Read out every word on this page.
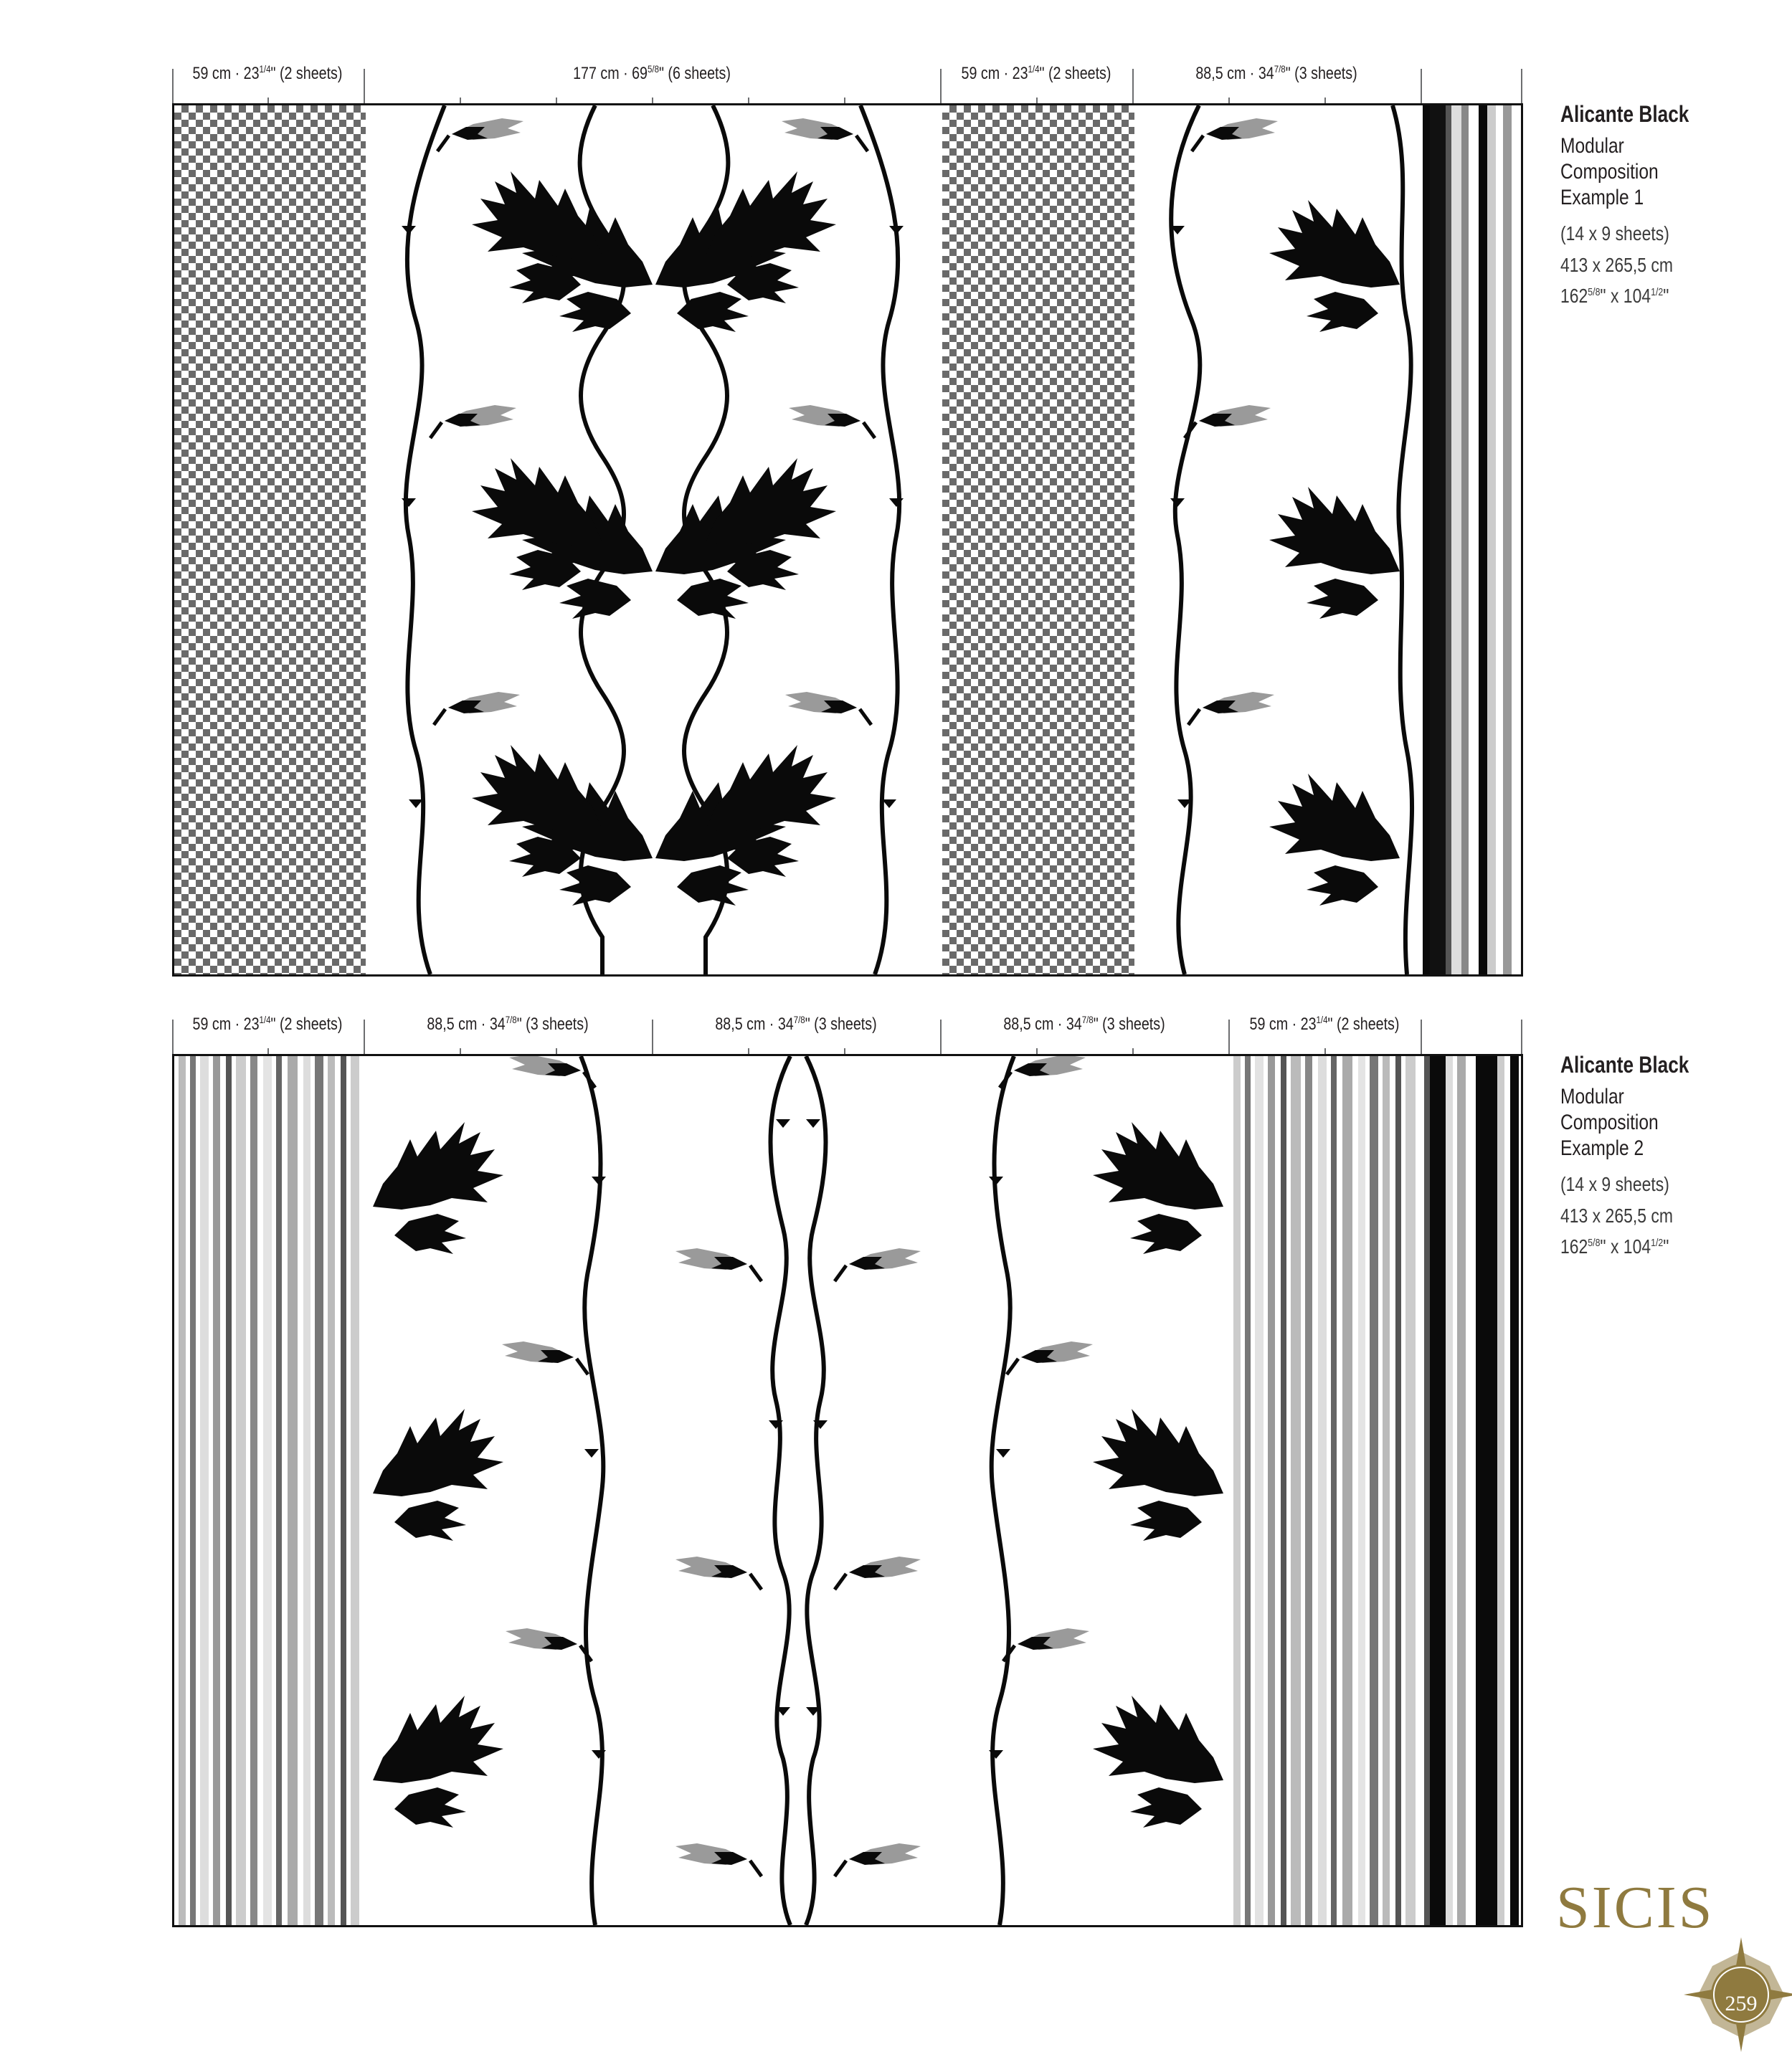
59 cm · $23^{1/4}$" (2 sheets)	177 cm · $69^{5/8}$" (6 sheets)	59 cm · $23^{1/4}$" (2 sheets)	88,5 cm · $34^{7/8}$" (3 sheets)
Alicante Black
Modular
Composition
Example 1
(14 x 9 sheets)
413 x 265,5 cm
$162^{5/8}$" x $104^{1/2}$"
59 cm · $23^{1/4}$" (2 sheets)	88,5 cm · $34^{7/8}$" (3 sheets)	88,5 cm · $34^{7/8}$" (3 sheets)	88,5 cm · $34^{7/8}$" (3 sheets)	59 cm · $23^{1/4}$" (2 sheets)
Alicante Black
Modular
Composition
Example 2
(14 x 9 sheets)
413 x 265,5 cm
$162^{5/8}$" x $104^{1/2}$"
SICIS
259
